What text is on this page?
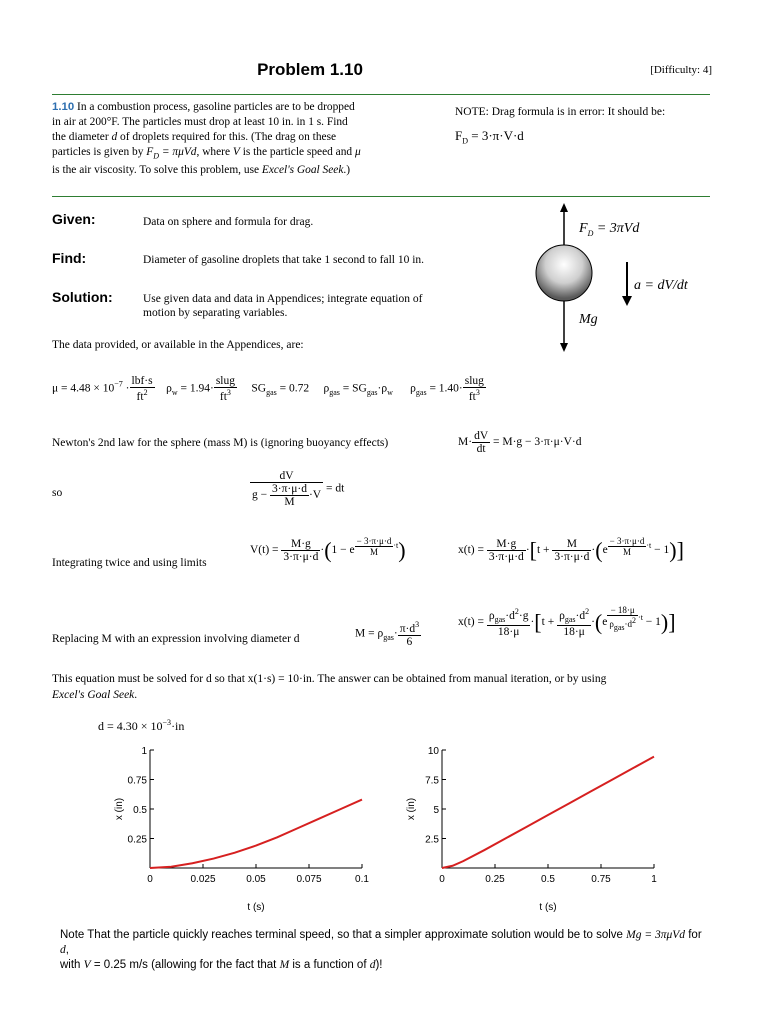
Problem 1.10	[Difficulty: 4]
1.10 In a combustion process, gasoline particles are to be dropped in air at 200°F. The particles must drop at least 10 in. in 1 s. Find the diameter d of droplets required for this. (The drag on these particles is given by $F_D = \pi\mu Vd$, where V is the particle speed and μ is the air viscosity. To solve this problem, use Excel's Goal Seek.)
NOTE: Drag formula is in error: It should be:
$F_D = 3\cdot\pi\cdot V\cdot d$
Given:	Data on sphere and formula for drag.
Find:	Diameter of gasoline droplets that take 1 second to fall 10 in.
Solution:	Use given data and data in Appendices; integrate equation of motion by separating variables.
$F_D = 3\pi Vd$
a = dV/dt
Mg
The data provided, or available in the Appendices, are:
$\mu = 4.48 \times 10^{-7} \cdot \frac{\text{lbf·s}}{ft^2} \rho_w = 1.94\cdot \frac{\text{slug}}{ft^3} SG_{gas} = 0.72$ $\rho_{gas} = SG_{gas}\cdot\rho_w$ $\rho_{gas} = 1.40\cdot \frac{\text{slug}}{ft^3}$
Newton's 2nd law for the sphere (mass M) is (ignoring buoyancy effects)	$M\cdot \frac{dV}{dt} = M\cdot g - 3\cdot\pi\cdot\mu\cdot V\cdot d$
so	$\frac{dV}{g - \frac{3\cdot\pi\cdot\mu\cdot d}{M} \cdot V}$ = dt
Integrating twice and using limits
$V(t) = \frac{M\cdot g}{3\cdot\pi\cdot\mu\cdot d} \cdot(1 - e$ $^{\frac{- 3\cdot\pi\cdot\mu\cdot d}{M} \cdot t}$)	$x(t) = \frac{M\cdot g}{3\cdot\pi\cdot\mu\cdot d} \cdot[t + \frac{M}{3\cdot\pi\cdot\mu\cdot d} \cdot(e$ $^{\frac{- 3\cdot\pi\cdot\mu\cdot d}{M} \cdot t}$ − 1)]
Replacing M with an expression involving diameter d	$M = \rho_{gas}\cdot \frac{\pi\cdot d^3}{6}$	$x(t) = \frac{\rho_{gas}\cdot d^2\cdot g}{18\cdot\mu} \cdot[t + \frac{\rho_{gas}\cdot d^2}{18\cdot\mu} \cdot(e$ $^{\frac{- 18\cdot\mu}{\rho_{gas}\cdot d^2} \cdot t}$ − 1)]
This equation must be solved for d so that x(1·s) = 10·in. The answer can be obtained from manual iteration, or by using
Excel's Goal Seek.
$d = 4.30 \times 10^{-3}\cdot in$
0	0.025	0.05	0.075	0.1
0.25
0.5
0.75
1
t (s)
x (in)
0	0.25	0.5	0.75	1
2.5
5
7.5
10
t (s)
x (in)
Note That the particle quickly reaches terminal speed, so that a simpler approximate solution would be to solve Mg = 3πμVd for d,
with V = 0.25 m/s (allowing for the fact that M is a function of d)!
